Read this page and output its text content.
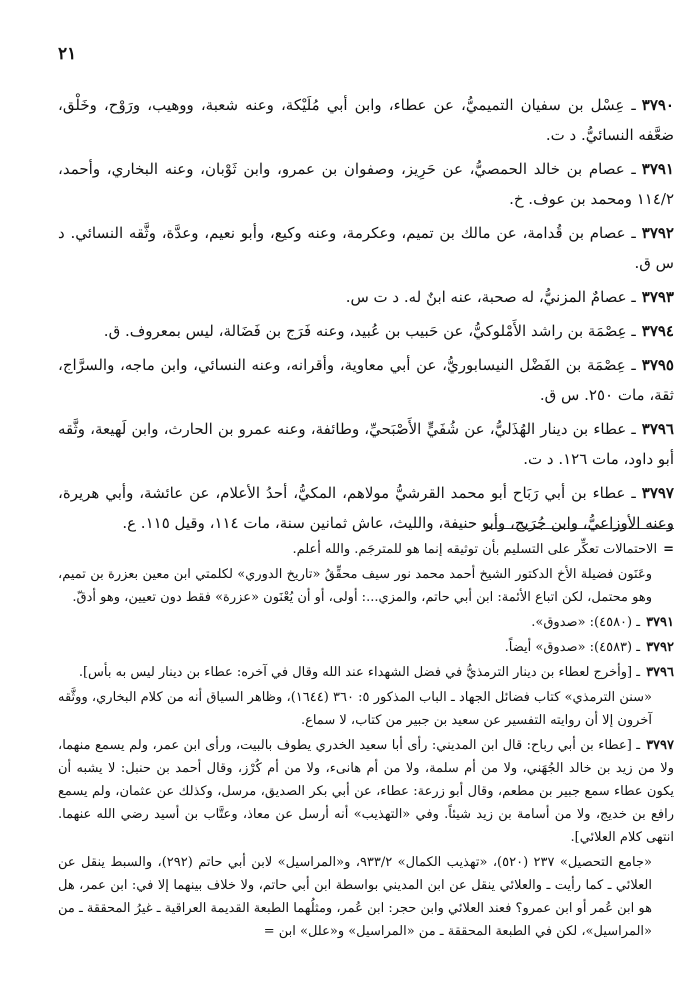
٢١

٣٧٩٠ـ عِسْل بن سفيان التميميُّ، عن عطاء، وابن أبي مُلَيْكة، وعنه شعبة، ووهيب، ورَوْح، وخَلْق، ضعَّفه النسائيُّ. د ت.

٣٧٩١ـ عصام بن خالد الحمصيُّ، عن حَرِيز، وصفوان بن عمرو، وابن ثَوْبان، وعنه البخاري، وأحمد، ١١٤/٢ ومحمد بن عوف. خ.

٣٧٩٢ـ عصام بن قُدامة، عن مالك بن تميم، وعكرمة، وعنه وكيع، وأبو نعيم، وعدَّة، وثَّقه النسائي. د س ق.

٣٧٩٣ـ عصامٌ المزنيُّ، له صحبة، عنه ابنٌ له. د ت س.

٣٧٩٤ـ عِصْمَة بن راشد الأَمْلوكيُّ، عن حَبيب بن عُبيد، وعنه فَرَج بن فَضَالة، ليس بمعروف. ق.

٣٧٩٥ـ عِصْمَة بن الفَضْل النيسابوريُّ، عن أبي معاوية، وأقرانه، وعنه النسائي، وابن ماجه، والسرَّاج، ثقة، مات ٢٥٠. س ق.

٣٧٩٦ـ عطاء بن دينار الهُذَليُّ، عن شُفَيٍّ الأَصْبَحيِّ، وطائفة، وعنه عمرو بن الحارث، وابن لَهيعة، وثَّقه أبو داود، مات ١٢٦. د ت.

٣٧٩٧ـ عطاء بن أبي رَبَاح أبو محمد القرشيُّ مولاهم، المكيُّ، أحدُ الأعلام، عن عائشة، وأبي هريرة، وعنه الأوزاعيُّ، وابن جُرَيج، وأبو حنيفة، والليث، عاش ثمانين سنة، مات ١١٤، وقيل ١١٥. ع.

=الاحتمالات تعكِّر على التسليم بأن توثيقه إنما هو للمترجَم. والله أعلم.

وعَنَون فضيلة الأخ الدكتور الشيخ أحمد محمد نور سيف محقِّقُ «تاريخ الدوري» لكلمتي ابن معين بعزرة بن تميم، وهو محتمل، لكن اتباع الأئمة: ابن أبي حاتم، والمزي...: أولى، أو أن يُعْنَون «عزرة» فقط دون تعيين، وهو أدقّ.

٣٧٩١ـ (٤٥٨٠): «صدوق».

٣٧٩٢ـ (٤٥٨٣): «صدوق» أيضاً.

٣٧٩٦ـ [وأخرج لعطاء بن دينار الترمذيُّ في فضل الشهداء عند الله وقال في آخره: عطاء بن دينار ليس به بأس].

«سنن الترمذي» كتاب فضائل الجهاد ـ الباب المذكور ٥: ٣٦٠ (١٦٤٤)، وظاهر السياق أنه من كلام البخاري، ووثَّقه آخرون إلا أن روايته التفسير عن سعيد بن جبير من كتاب، لا سماع.

٣٧٩٧ـ [عطاء بن أبي رباح: قال ابن المديني: رأى أبا سعيد الخدري يطوف بالبيت، ورأى ابن عمر، ولم يسمع منهما، ولا من زيد بن خالد الجُهَني، ولا من أم سلمة، ولا من أم هانىء، ولا من أم كُرْز، وقال أحمد بن حنبل: لا يشبه أن يكون عطاء سمع جبير بن مطعم، وقال أبو زرعة: عطاء، عن أبي بكر الصديق، مرسل، وكذلك عن عثمان، ولم يسمع رافع بن خديج، ولا من أسامة بن زيد شيئاً. وفي «التهذيب» أنه أرسل عن معاذ، وعتَّاب بن أسيد رضي الله عنهما. انتهى كلام العلائي].

«جامع التحصيل» ٢٣٧ (٥٢٠)، «تهذيب الكمال» ٩٣٣/٢، و«المراسيل» لابن أبي حاتم (٢٩٢)، والسبط ينقل عن العلائي ـ كما رأيت ـ والعلائي ينقل عن ابن المديني بواسطة ابن أبي حاتم، ولا خلاف بينهما إلا في: ابن عمر، هل هو ابن عُمر أو ابن عمرو؟ فعند العلائي وابن حجر: ابن عُمر، ومثلُهما الطبعة القديمة العراقية ـ غيرُ المحققة ـ من «المراسيل»، لكن في الطبعة المحققة ـ من «المراسيل» و«علل» ابن =
